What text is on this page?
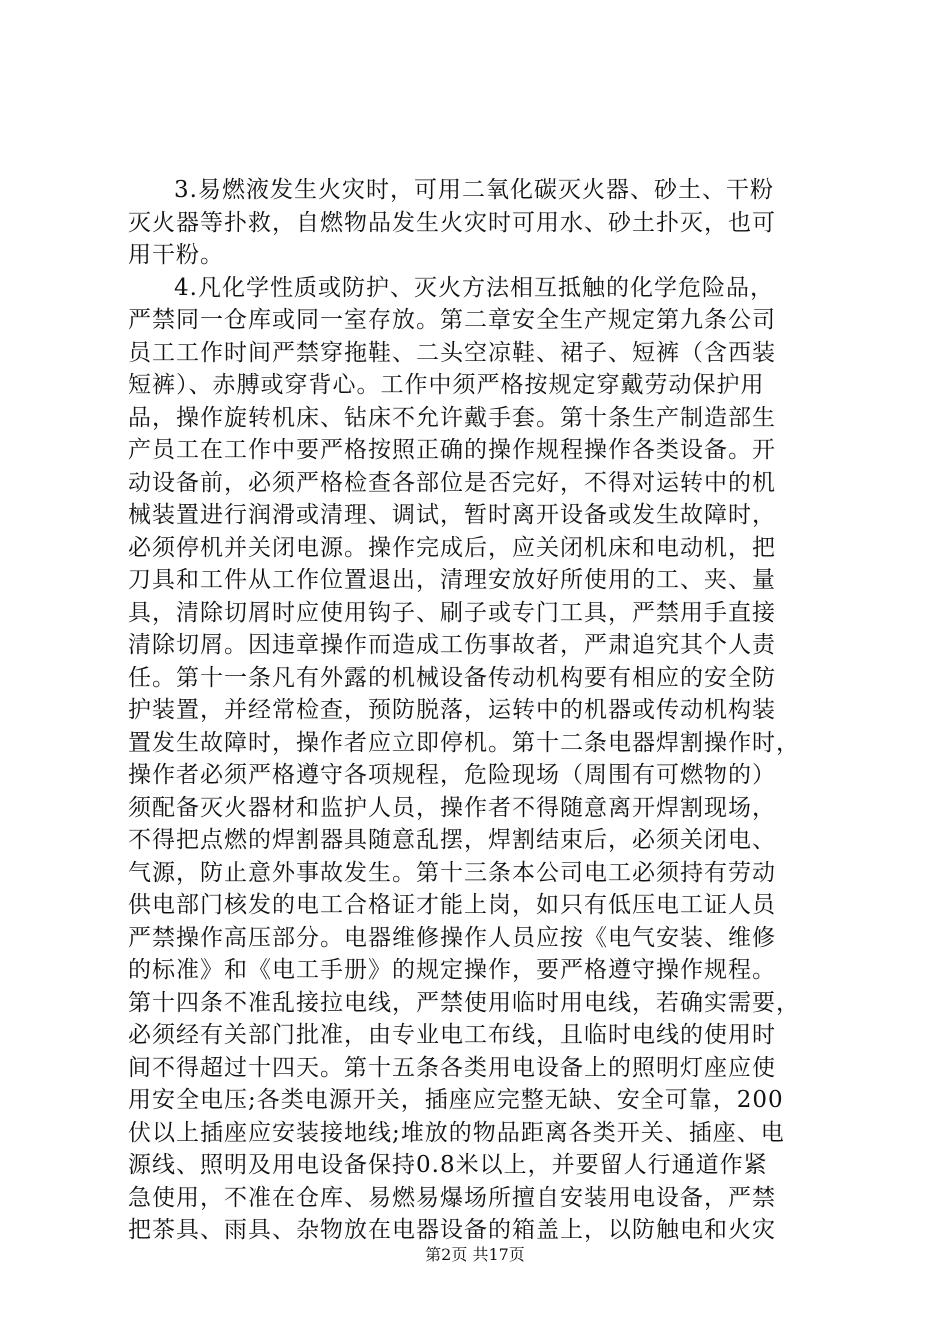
3.易燃液发生火灾时，可用二氧化碳灭火器、砂土、干粉
灭火器等扑救，自燃物品发生火灾时可用水、砂土扑灭，也可
用干粉。
4.凡化学性质或防护、灭火方法相互抵触的化学危险品，
严禁同一仓库或同一室存放。第二章安全生产规定第九条公司
员工工作时间严禁穿拖鞋、二头空凉鞋、裙子、短裤（含西装
短裤）、赤膊或穿背心。工作中须严格按规定穿戴劳动保护用
品，操作旋转机床、钻床不允许戴手套。第十条生产制造部生
产员工在工作中要严格按照正确的操作规程操作各类设备。开
动设备前，必须严格检查各部位是否完好，不得对运转中的机
械装置进行润滑或清理、调试，暂时离开设备或发生故障时，
必须停机并关闭电源。操作完成后，应关闭机床和电动机，把
刀具和工件从工作位置退出，清理安放好所使用的工、夹、量
具，清除切屑时应使用钩子、刷子或专门工具，严禁用手直接
清除切屑。因违章操作而造成工伤事故者，严肃追究其个人责
任。第十一条凡有外露的机械设备传动机构要有相应的安全防
护装置，并经常检查，预防脱落，运转中的机器或传动机构装
置发生故障时，操作者应立即停机。第十二条电器焊割操作时，
操作者必须严格遵守各项规程，危险现场（周围有可燃物的）
须配备灭火器材和监护人员，操作者不得随意离开焊割现场，
不得把点燃的焊割器具随意乱摆，焊割结束后，必须关闭电、
气源，防止意外事故发生。第十三条本公司电工必须持有劳动
供电部门核发的电工合格证才能上岗，如只有低压电工证人员
严禁操作高压部分。电器维修操作人员应按《电气安装、维修
的标准》和《电工手册》的规定操作，要严格遵守操作规程。
第十四条不准乱接拉电线，严禁使用临时用电线，若确实需要，
必须经有关部门批准，由专业电工布线，且临时电线的使用时
间不得超过十四天。第十五条各类用电设备上的照明灯座应使
用安全电压;各类电源开关，插座应完整无缺、安全可靠，200
伏以上插座应安装接地线;堆放的物品距离各类开关、插座、电
源线、照明及用电设备保持0.8米以上，并要留人行通道作紧
急使用，不准在仓库、易燃易爆场所擅自安装用电设备，严禁
把茶具、雨具、杂物放在电器设备的箱盖上，以防触电和火灾
第2页 共17页
